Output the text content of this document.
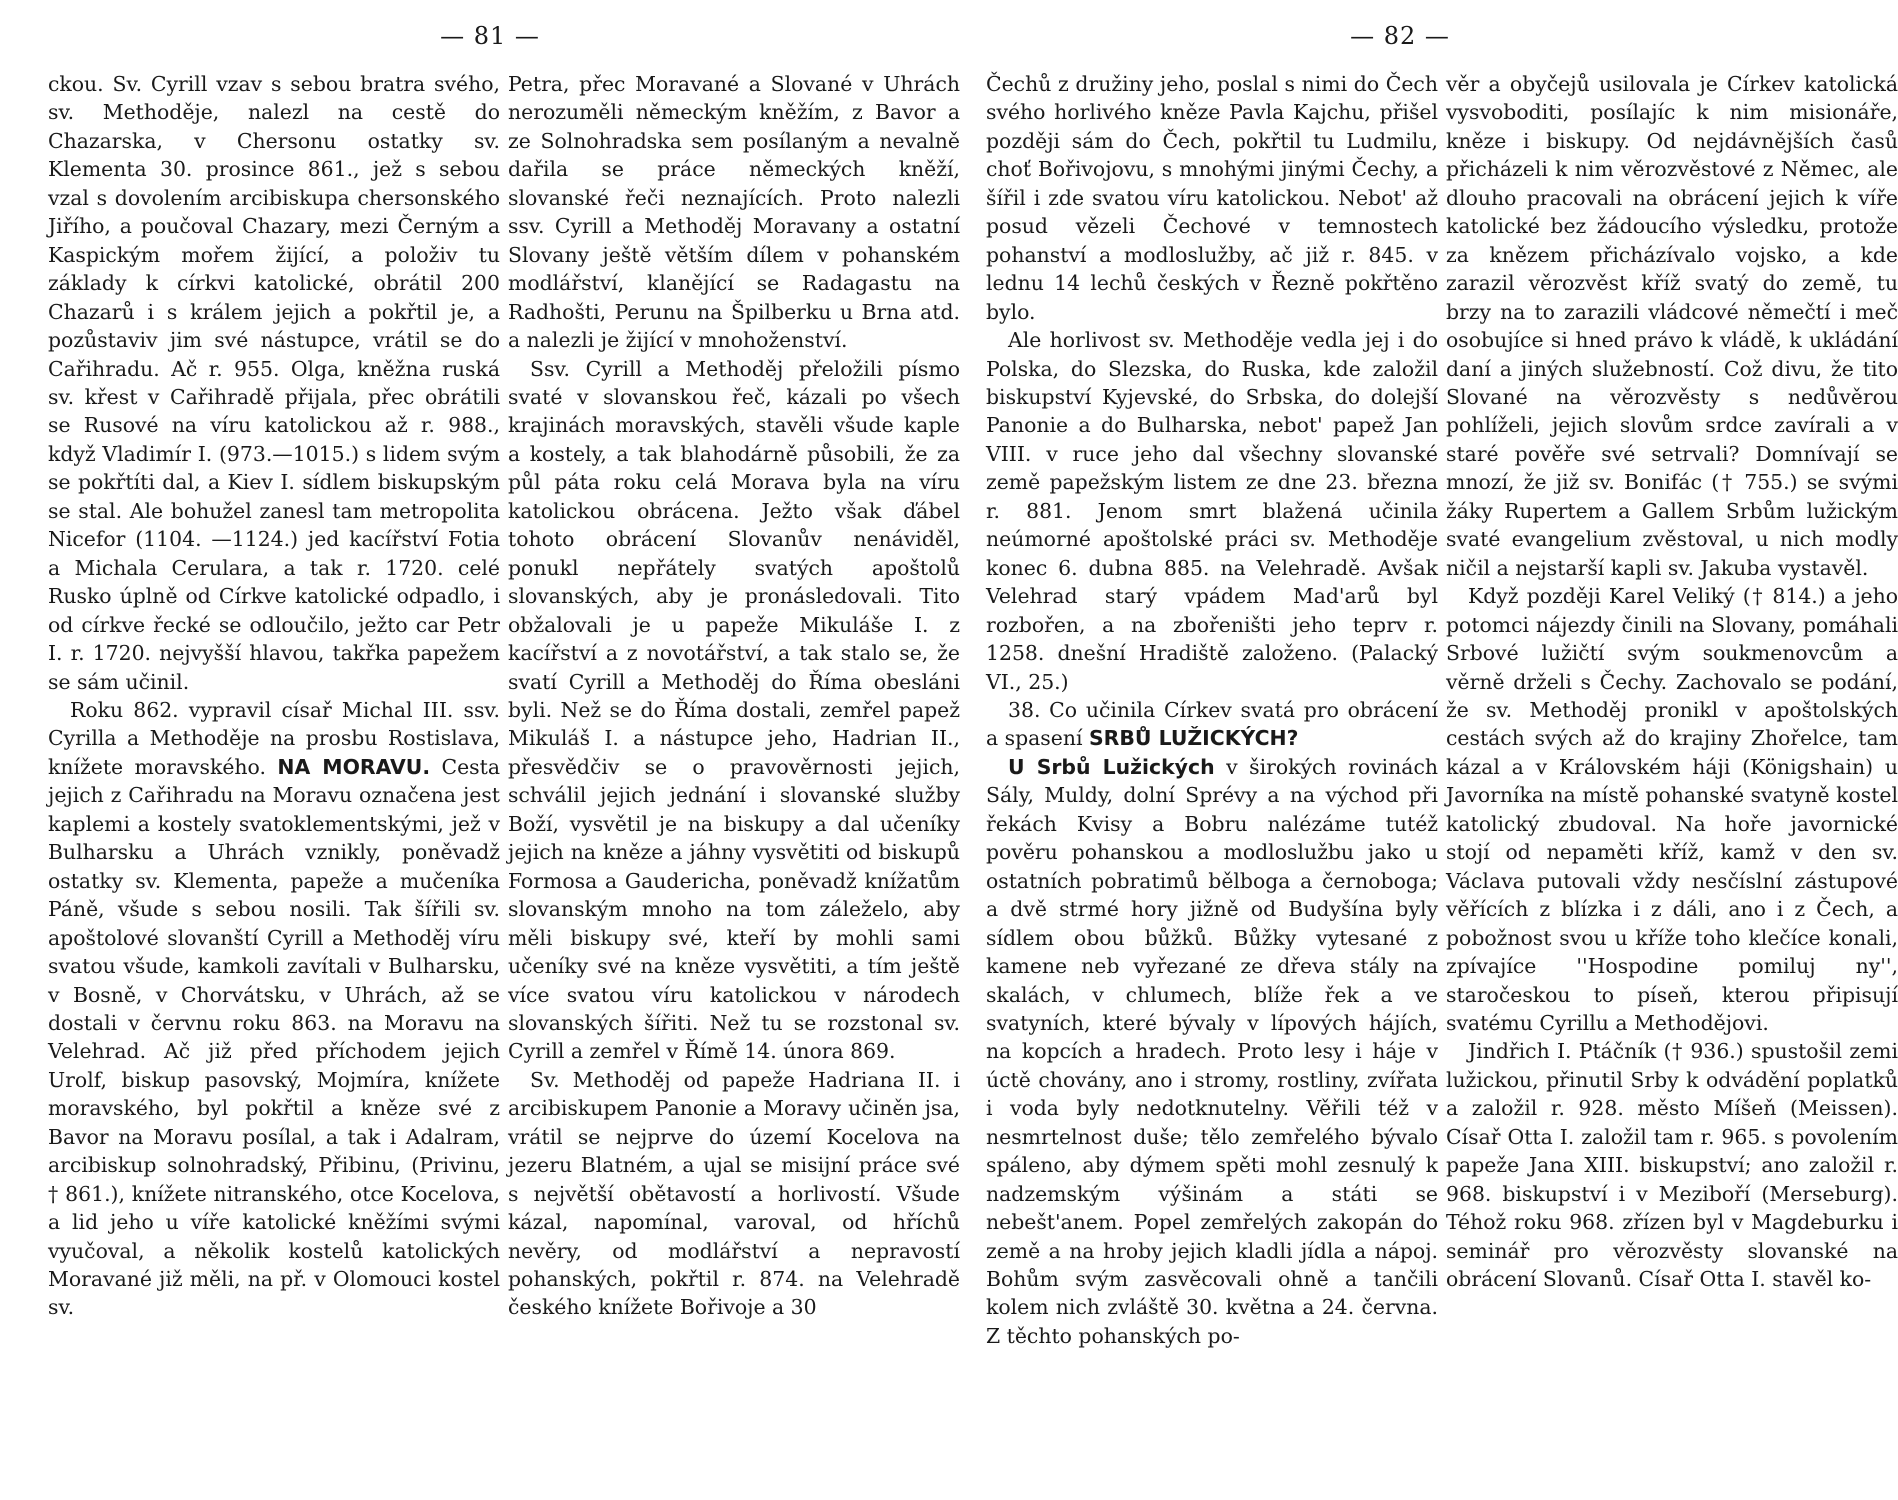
— 81 —	— 82 —

ckou. Sv. Cyrill vzav s sebou bratra svého, sv. Methoděje, nalezl na cestě do Chazarska, v Chersonu ostatky sv. Klementa 30. prosince 861., jež s sebou vzal s dovolením arcibiskupa chersonského Jiřího, a poučoval Chazary, mezi Černým a Kaspickým mořem žijící, a položiv tu základy k církvi katolické, obrátil 200 Chazarů i s králem jejich a pokřtil je, a pozůstaviv jim své nástupce, vrátil se do Cařihradu. Ač r. 955. Olga, kněžna ruská sv. křest v Cařihradě přijala, přec obrátili se Rusové na víru katolickou až r. 988., když Vladimír I. (973.—1015.) s lidem svým se pokřtíti dal, a Kiev I. sídlem biskupským se stal. Ale bohužel zanesl tam metropolita Nicefor (1104. —1124.) jed kacířství Fotia a Michala Cerulara, a tak r. 1720. celé Rusko úplně od Církve katolické odpadlo, i od církve řecké se odloučilo, ježto car Petr I. r. 1720. nejvyšší hlavou, takřka papežem se sám učinil.

Roku 862. vypravil císař Michal III. ssv. Cyrilla a Methoděje na prosbu Rostislava, knížete moravského. NA MORAVU. Cesta jejich z Cařihradu na Moravu označena jest kaplemi a kostely svatoklementskými, jež v Bulharsku a Uhrách vznikly, poněvadž ostatky sv. Klementa, papeže a mučeníka Páně, všude s sebou nosili. Tak šířili sv. apoštolové slovanští Cyrill a Methoděj víru svatou všude, kamkoli zavítali v Bulharsku, v Bosně, v Chorvátsku, v Uhrách, až se dostali v červnu roku 863. na Moravu na Velehrad. Ač již před příchodem jejich Urolf, biskup pasovský, Mojmíra, knížete moravského, byl pokřtil a kněze své z Bavor na Moravu posílal, a tak i Adalram, arcibiskup solnohradský, Přibinu, (Privinu, † 861.), knížete nitranského, otce Kocelova, a lid jeho u víře katolické kněžími svými vyučoval, a několik kostelů katolických Moravané již měli, na př. v Olomouci kostel sv.

Petra, přec Moravané a Slované v Uhrách nerozuměli německým kněžím, z Bavor a ze Solnohradska sem posílaným a nevalně dařila se práce německých kněží, slovanské řeči neznajících. Proto nalezli ssv. Cyrill a Methoděj Moravany a ostatní Slovany ještě větším dílem v pohanském modlářství, klanějící se Radagastu na Radhošti, Perunu na Špilberku u Brna atd. a nalezli je žijící v mnohoženství.

Ssv. Cyrill a Methoděj přeložili písmo svaté v slovanskou řeč, kázali po všech krajinách moravských, stavěli všude kaple a kostely, a tak blahodárně působili, že za půl páta roku celá Morava byla na víru katolickou obrácena. Ježto však ďábel tohoto obrácení Slovanův nenáviděl, ponukl nepřátely svatých apoštolů slovanských, aby je pronásledovali. Tito obžalovali je u papeže Mikuláše I. z kacířství a z novotářství, a tak stalo se, že svatí Cyrill a Methoděj do Říma obesláni byli. Než se do Říma dostali, zemřel papež Mikuláš I. a nástupce jeho, Hadrian II., přesvědčiv se o pravověrnosti jejich, schválil jejich jednání i slovanské služby Boží, vysvětil je na biskupy a dal učeníky jejich na kněze a jáhny vysvětiti od biskupů Formosa a Gaudericha, poněvadž knížatům slovanským mnoho na tom záleželo, aby měli biskupy své, kteří by mohli sami učeníky své na kněze vysvětiti, a tím ještě více svatou víru katolickou v národech slovanských šířiti. Než tu se rozstonal sv. Cyrill a zemřel v Římě 14. února 869.

Sv. Methoděj od papeže Hadriana II. i arcibiskupem Panonie a Moravy učiněn jsa, vrátil se nejprve do území Kocelova na jezeru Blatném, a ujal se misijní práce své s největší obětavostí a horlivostí. Všude kázal, napomínal, varoval, od hříchů nevěry, od modlářství a nepravostí pohanských, pokřtil r. 874. na Velehradě českého knížete Bořivoje a 30

Čechů z družiny jeho, poslal s nimi do Čech svého horlivého kněze Pavla Kajchu, přišel později sám do Čech, pokřtil tu Ludmilu, choť Bořivojovu, s mnohými jinými Čechy, a šířil i zde svatou víru katolickou. Nebot' až posud vězeli Čechové v temnostech pohanství a modloslužby, ač již r. 845. v lednu 14 lechů českých v Řezně pokřtěno bylo.

Ale horlivost sv. Methoděje vedla jej i do Polska, do Slezska, do Ruska, kde založil biskupství Kyjevské, do Srbska, do dolejší Panonie a do Bulharska, nebot' papež Jan VIII. v ruce jeho dal všechny slovanské země papežským listem ze dne 23. března r. 881. Jenom smrt blažená učinila neúmorné apoštolské práci sv. Methoděje konec 6. dubna 885. na Velehradě. Avšak Velehrad starý vpádem Mad'arů byl rozbořen, a na zbořeništi jeho teprv r. 1258. dnešní Hradiště založeno. (Palacký VI., 25.)

38. Co učinila Církev svatá pro obrácení a spasení SRBŮ LUŽICKÝCH?

U Srbů Lužických v širokých rovinách Sály, Muldy, dolní Sprévy a na východ při řekách Kvisy a Bobru nalézáme tutéž pověru pohanskou a modloslužbu jako u ostatních pobratimů bělboga a černoboga; a dvě strmé hory jižně od Budyšína byly sídlem obou bůžků. Bůžky vytesané z kamene neb vyřezané ze dřeva stály na skalách, v chlumech, blíže řek a ve svatyních, které bývaly v lípových hájích, na kopcích a hradech. Proto lesy i háje v úctě chovány, ano i stromy, rostliny, zvířata i voda byly nedotknutelny. Věřili též v nesmrtelnost duše; tělo zemřelého bývalo spáleno, aby dýmem spěti mohl zesnulý k nadzemským výšinám a státi se nebešt'anem. Popel zemřelých zakopán do země a na hroby jejich kladli jídla a nápoj. Bohům svým zasvěcovali ohně a tančili kolem nich zvláště 30. května a 24. června. Z těchto pohanských po-

věr a obyčejů usilovala je Církev katolická vysvoboditi, posílajíc k nim misionáře, kněze i biskupy. Od nejdávnějších časů přicházeli k nim věrozvěstové z Němec, ale dlouho pracovali na obrácení jejich k víře katolické bez žádoucího výsledku, protože za knězem přicházívalo vojsko, a kde zarazil věrozvěst kříž svatý do země, tu brzy na to zarazili vládcové němečtí i meč osobujíce si hned právo k vládě, k ukládání daní a jiných služebností. Což divu, že tito Slované na věrozvěsty s nedůvěrou pohlíželi, jejich slovům srdce zavírali a v staré pověře své setrvali? Domnívají se mnozí, že již sv. Bonifác († 755.) se svými žáky Rupertem a Gallem Srbům lužickým svaté evangelium zvěstoval, u nich modly ničil a nejstarší kapli sv. Jakuba vystavěl.

Když později Karel Veliký († 814.) a jeho potomci nájezdy činili na Slovany, pomáhali Srbové lužičtí svým soukmenovcům a věrně drželi s Čechy. Zachovalo se podání, že sv. Methoděj pronikl v apoštolských cestách svých až do krajiny Zhořelce, tam kázal a v Královském háji (Königshain) u Javorníka na místě pohanské svatyně kostel katolický zbudoval. Na hoře javornické stojí od nepaměti kříž, kamž v den sv. Václava putovali vždy nesčíslní zástupové věřících z blízka i z dáli, ano i z Čech, a pobožnost svou u kříže toho klečíce konali, zpívajíce ''Hospodine pomiluj ny'', staročeskou to píseň, kterou připisují svatému Cyrillu a Methodějovi.

Jindřich I. Ptáčník († 936.) spustošil zemi lužickou, přinutil Srby k odvádění poplatků a založil r. 928. město Míšeň (Meissen). Císař Otta I. založil tam r. 965. s povolením papeže Jana XIII. biskupství; ano založil r. 968. biskupství i v Meziboří (Merseburg). Téhož roku 968. zřízen byl v Magdeburku i seminář pro věrozvěsty slovanské na obrácení Slovanů. Císař Otta I. stavěl ko-
